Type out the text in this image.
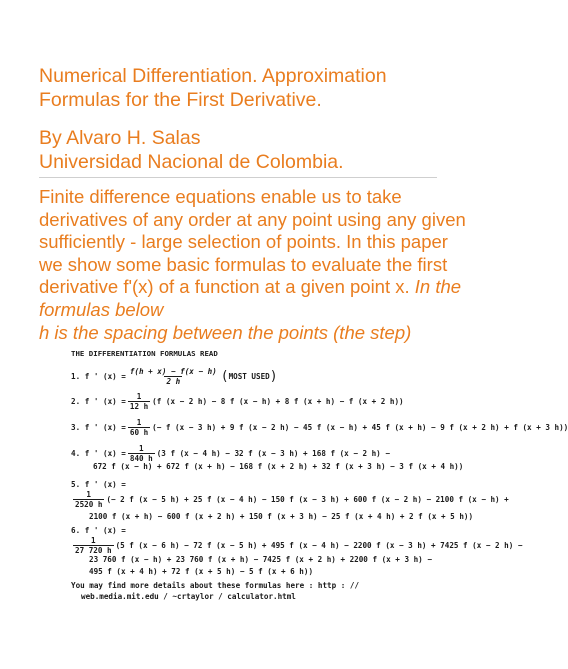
Numerical Differentiation. Approximation
Formulas for the First Derivative.
By Alvaro H. Salas
Universidad Nacional de Colombia.
Finite difference equations enable us to take
derivatives of any order at any point using any given
sufficiently - large selection of points. In this paper
we show some basic formulas to evaluate the first
derivative f'(x) of a function at a given point x. In the
formulas below
h is the spacing between the points (the step)
THE DIFFERENTIATION FORMULAS READ
1. f ' $(x) = \frac{f(h + x) - f(x - h)}{2 h}$ ( MOST USED )
2. f ' $(x) = \frac{1}{12 h} (f$ (x − 2 h) − 8 f (x − h) + 8 f (x + h) − f (x + 2 h))
3. f ' $(x) = \frac{1}{60 h}$ (− f (x − 3 h) + 9 f (x − 2 h) − 45 f (x − h) + 45 f (x + h) − 9 f (x + 2 h) + f (x + 3 h))
4. f ' $(x) = \frac{1}{840 h} (3$ f (x − 4 h) − 32 f (x − 3 h) + 168 f (x − 2 h) −
672 f (x − h) + 672 f (x + h) − 168 f (x + 2 h) + 32 f (x + 3 h) − 3 f (x + 4 h))
5. f ' (x) =
$\frac{1}{2520 h}$ (− 2 f (x − 5 h) + 25 f (x − 4 h) − 150 f (x − 3 h) + 600 f (x − 2 h) − 2100 f (x − h) +
2100 f (x + h) − 600 f (x + 2 h) + 150 f (x + 3 h) − 25 f (x + 4 h) + 2 f (x + 5 h))
6. f ' (x) =
$\frac{1}{27 720 h} (5$ f (x − 6 h) − 72 f (x − 5 h) + 495 f (x − 4 h) − 2200 f (x − 3 h) + 7425 f (x − 2 h) −
23 760 f (x − h) + 23 760 f (x + h) − 7425 f (x + 2 h) + 2200 f (x + 3 h) −
495 f (x + 4 h) + 72 f (x + 5 h) − 5 f (x + 6 h))
You may find more details about these formulas here : http : //
web.media.mit.edu / ~crtaylor / calculator.html
